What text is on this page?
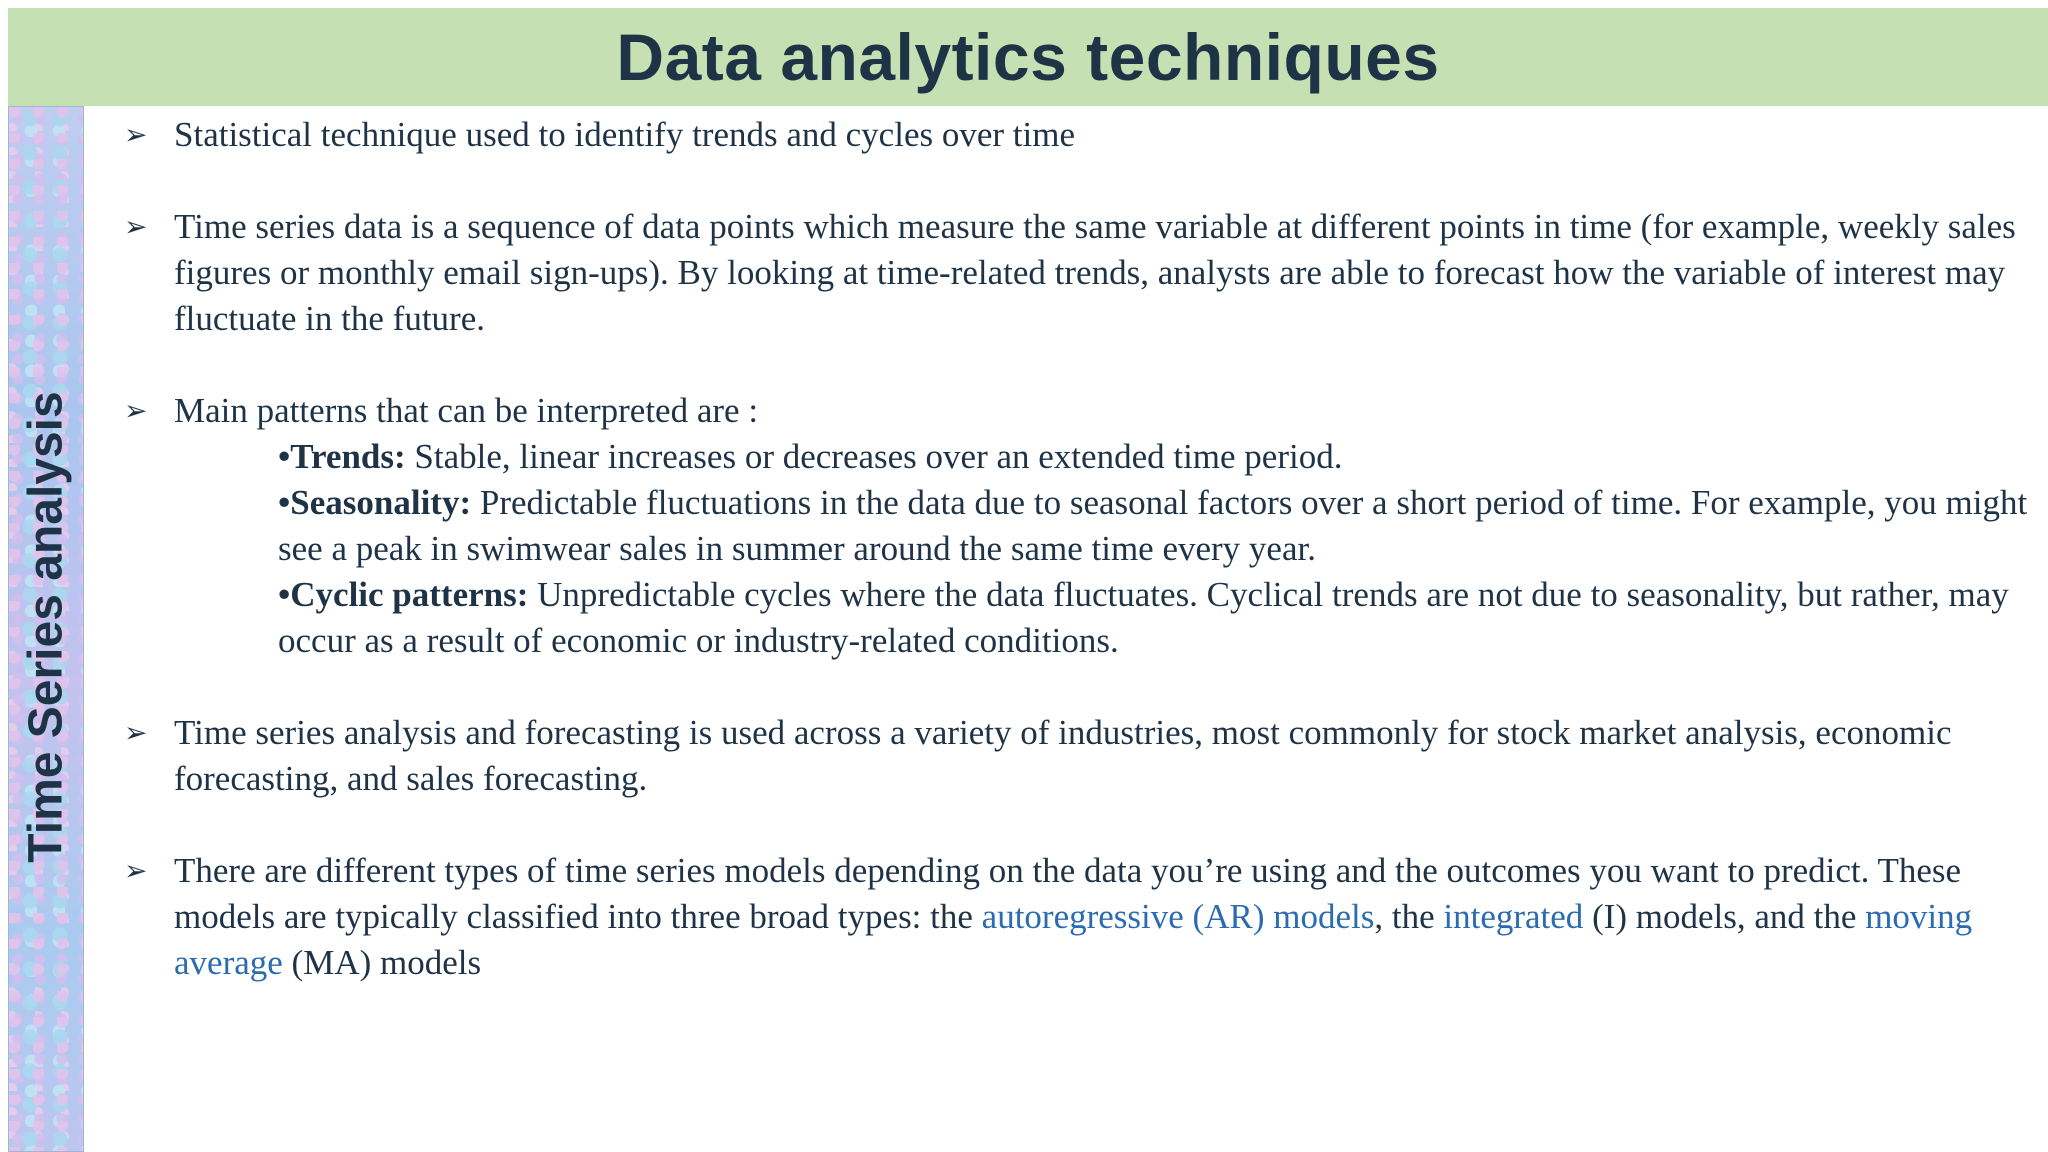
Data analytics techniques
Time Series analysis
➢ Statistical technique used to identify trends and cycles over time
➢ Time series data is a sequence of data points which measure the same variable at different points in time (for example, weekly sales figures or monthly email sign-ups). By looking at time-related trends, analysts are able to forecast how the variable of interest may fluctuate in the future.
➢ Main patterns that can be interpreted are :
•Trends: Stable, linear increases or decreases over an extended time period.
•Seasonality: Predictable fluctuations in the data due to seasonal factors over a short period of time. For example, you might see a peak in swimwear sales in summer around the same time every year.
•Cyclic patterns: Unpredictable cycles where the data fluctuates. Cyclical trends are not due to seasonality, but rather, may occur as a result of economic or industry-related conditions.
➢ Time series analysis and forecasting is used across a variety of industries, most commonly for stock market analysis, economic forecasting, and sales forecasting.
➢ There are different types of time series models depending on the data you’re using and the outcomes you want to predict. These models are typically classified into three broad types: the autoregressive (AR) models, the integrated (I) models, and the moving average (MA) models
